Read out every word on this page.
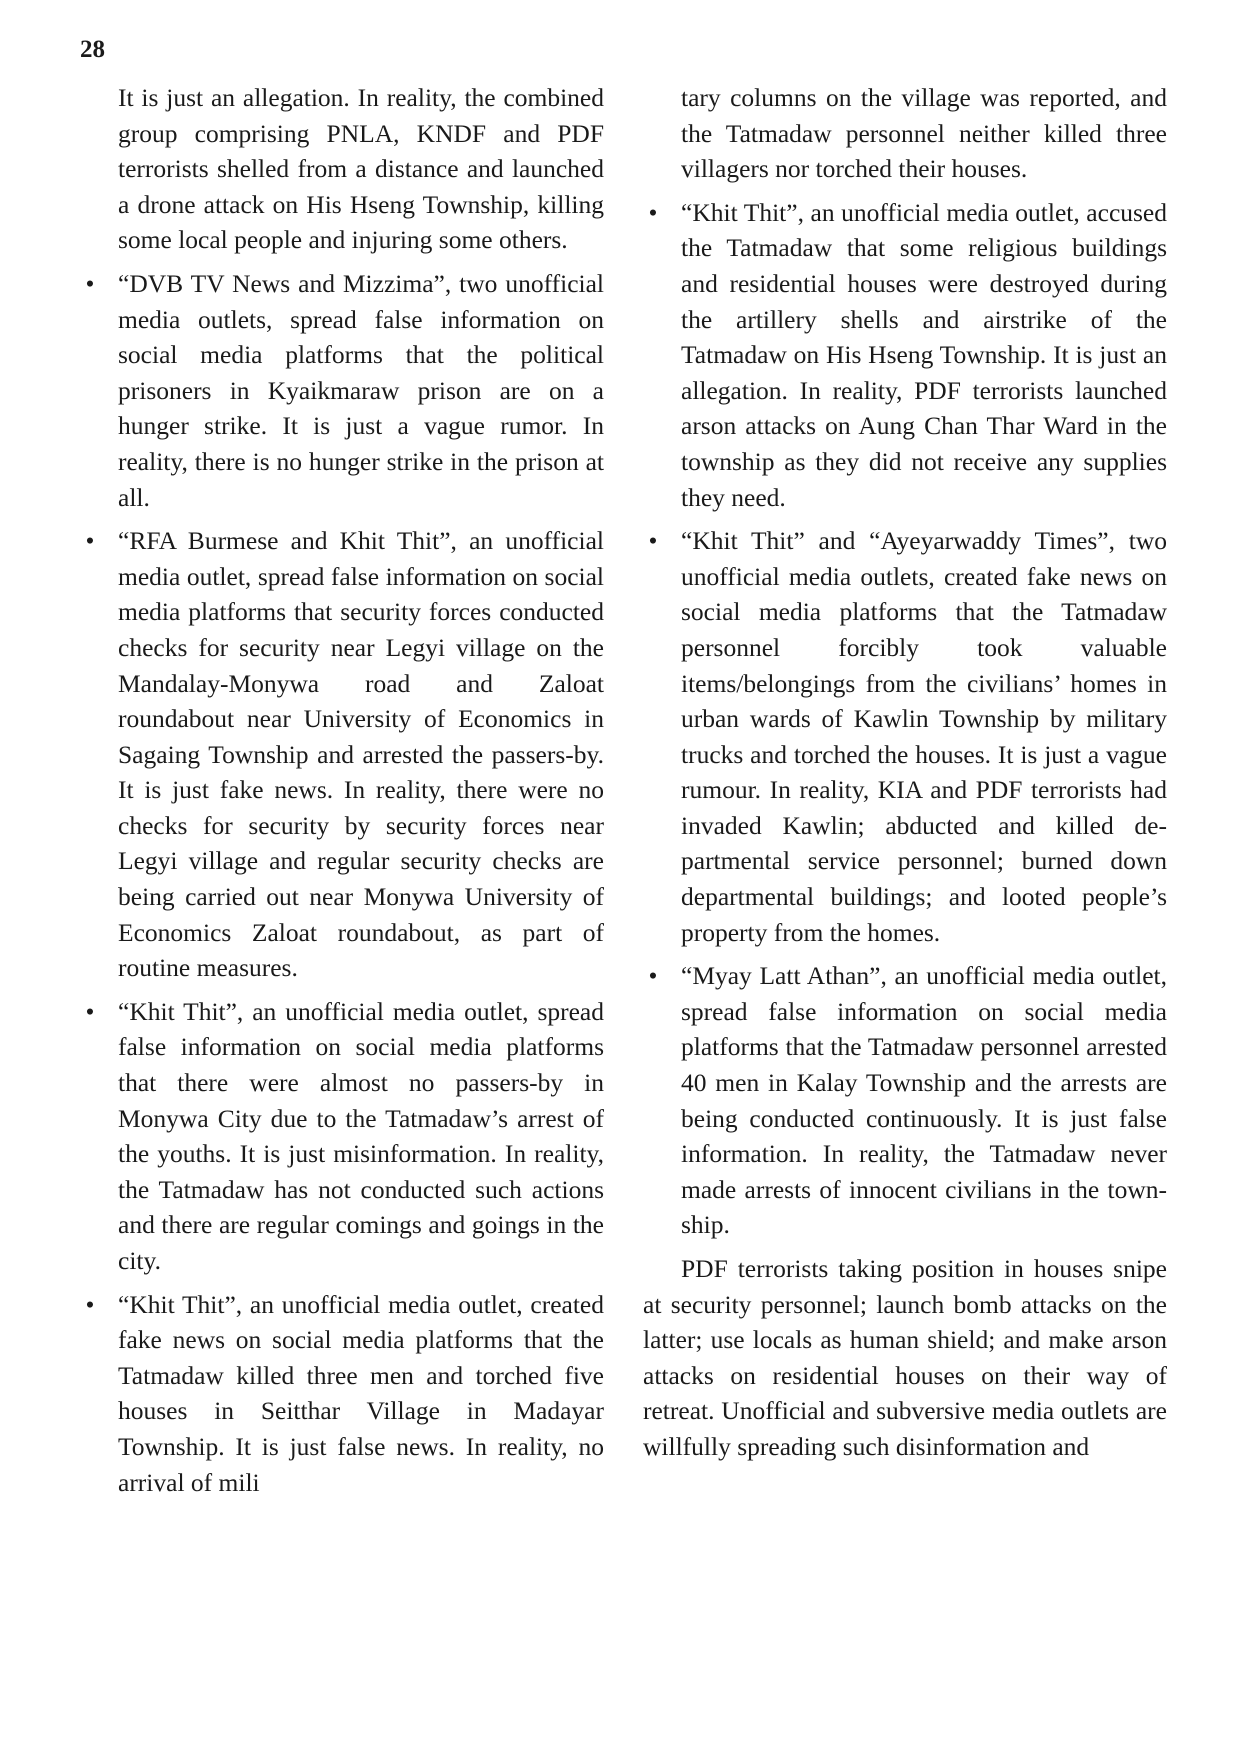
28

It is just an allegation. In reality, the combined group comprising PNLA, KNDF and PDF terrorists shelled from a distance and launched a drone attack on His Hseng Township, killing some local people and injuring some others.

• “DVB TV News and Mizzima”, two unofficial media outlets, spread false information on social media platforms that the political prisoners in Kyaikmaraw prison are on a hunger strike. It is just a vague rumor. In reality, there is no hunger strike in the prison at all.
• “RFA Burmese and Khit Thit”, an unofficial media outlet, spread false information on social media platforms that security forces conducted checks for security near Legyi village on the Mandalay-Monywa road and Zaloat roundabout near University of Economics in Sagaing Township and arrested the passers-by. It is just fake news. In reality, there were no checks for security by security forces near Legyi village and regular security checks are being carried out near Monywa University of Economics Zaloat roundabout, as part of routine measures.
• “Khit Thit”, an unofficial media outlet, spread false information on social media platforms that there were almost no passers-by in Monywa City due to the Tatmadaw’s arrest of the youths. It is just misinformation. In reality, the Tatmadaw has not conducted such actions and there are regular comings and goings in the city.
• “Khit Thit”, an unofficial media outlet, created fake news on social media platforms that the Tatmadaw killed three men and torched five houses in Seitthar Village in Madayar Township. It is just false news. In reality, no arrival of mili

tary columns on the village was reported, and the Tatmadaw personnel neither killed three villagers nor torched their houses.

• “Khit Thit”, an unofficial media outlet, accused the Tatmadaw that some religious buildings and residential houses were destroyed during the artillery shells and airstrike of the Tatmadaw on His Hseng Township. It is just an allegation. In reality, PDF terrorists launched arson attacks on Aung Chan Thar Ward in the township as they did not receive any supplies they need.
• “Khit Thit” and “Ayeyarwaddy Times”, two unofficial media outlets, created fake news on social media platforms that the Tatmadaw personnel forcibly took valuable items/belongings from the civilians’ homes in urban wards of Kawlin Township by military trucks and torched the houses. It is just a vague rumour. In reality, KIA and PDF terrorists had invaded Kawlin; abducted and killed departmental service personnel; burned down departmental buildings; and looted people’s property from the homes.
• “Myay Latt Athan”, an unofficial media outlet, spread false information on social media platforms that the Tatmadaw personnel arrested 40 men in Kalay Township and the arrests are being conducted continuously. It is just false information. In reality, the Tatmadaw never made arrests of innocent civilians in the township.

PDF terrorists taking position in houses snipe at security personnel; launch bomb attacks on the latter; use locals as human shield; and make arson attacks on residential houses on their way of retreat. Unofficial and subversive media outlets are willfully spreading such disinformation and
